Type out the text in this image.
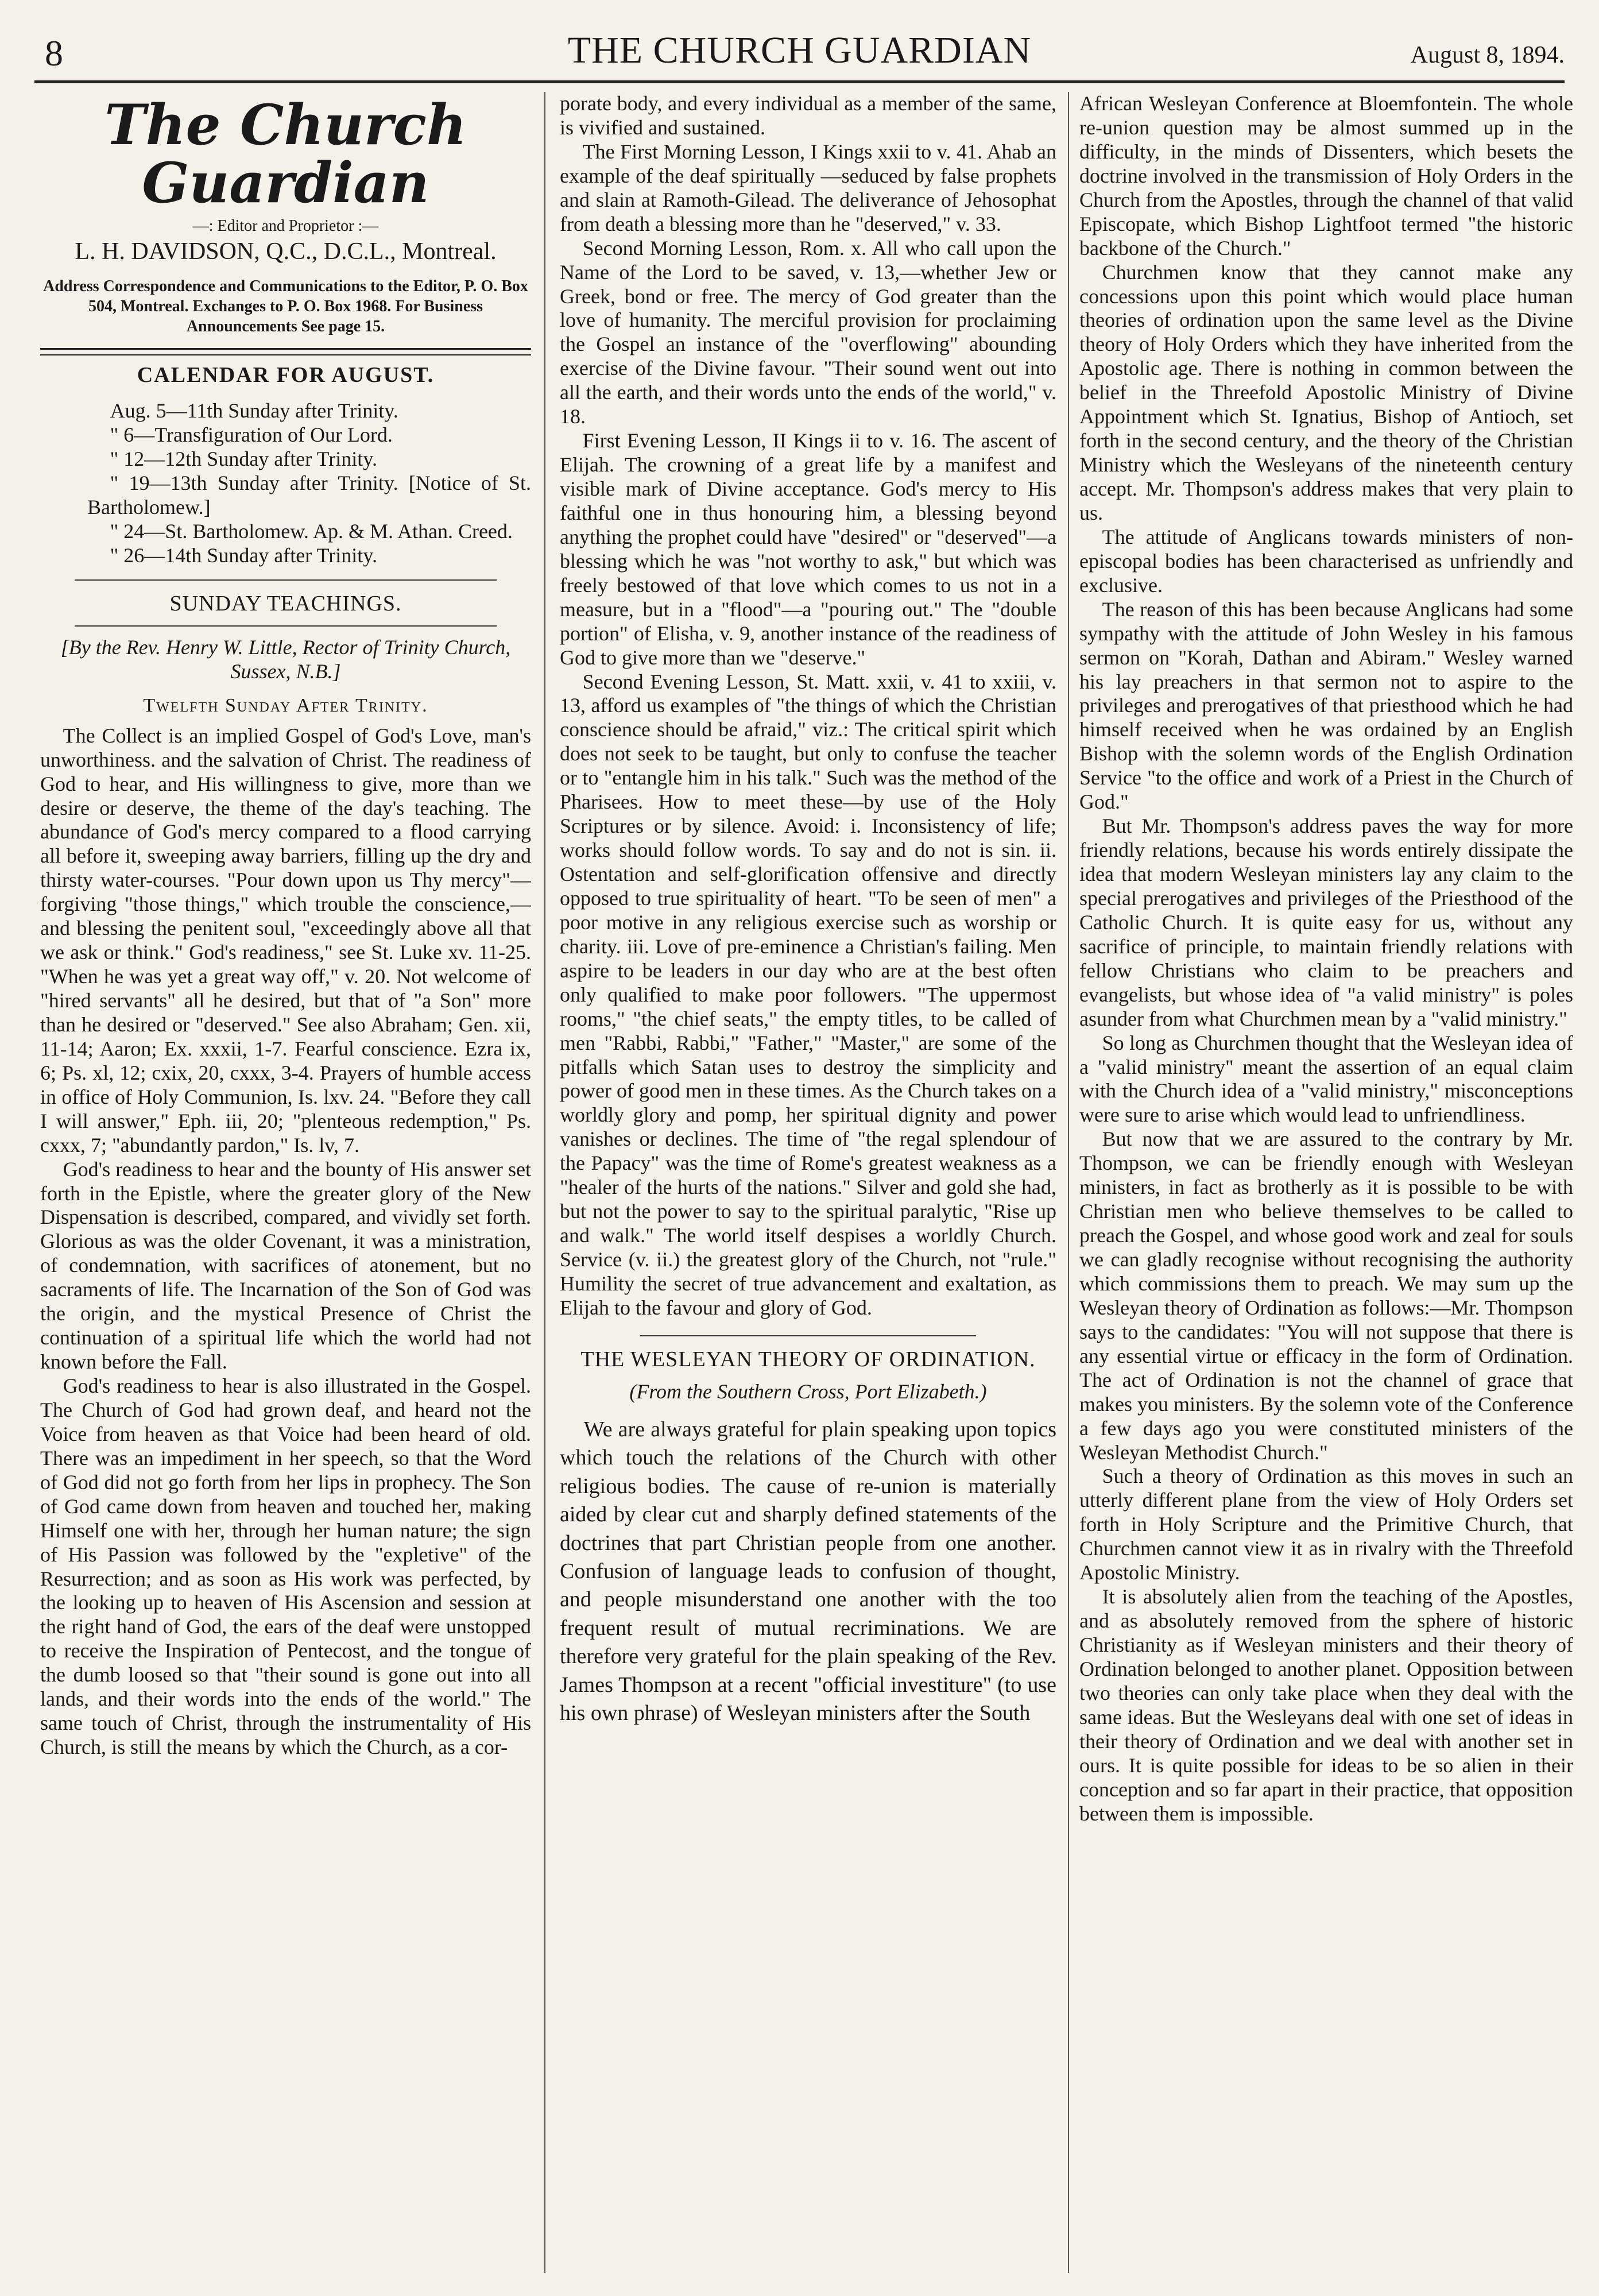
8	THE CHURCH GUARDIAN	August 8, 1894.
The Church Guardian
—: Editor and Proprietor :—
L. H. DAVIDSON, Q.C., D.C.L., Montreal.
Address Correspondence and Communications to the Editor, P. O. Box 504, Montreal. Exchanges to P. O. Box 1968. For Business Announcements See page 15.
CALENDAR FOR AUGUST.

Aug. 5—11th Sunday after Trinity.

" 6—Transfiguration of Our Lord.

" 12—12th Sunday after Trinity.

" 19—13th Sunday after Trinity. [Notice of St. Bartholomew.]

" 24—St. Bartholomew. Ap. & M. Athan. Creed.

" 26—14th Sunday after Trinity.

SUNDAY TEACHINGS.
[By the Rev. Henry W. Little, Rector of Trinity Church, Sussex, N.B.]
Twelfth Sunday After Trinity.

The Collect is an implied Gospel of God's Love, man's unworthiness. and the salvation of Christ. The readiness of God to hear, and His willingness to give, more than we desire or deserve, the theme of the day's teaching. The abundance of God's mercy compared to a flood carrying all before it, sweeping away barriers, filling up the dry and thirsty water-courses. "Pour down upon us Thy mercy"—forgiving "those things," which trouble the conscience,—and blessing the penitent soul, "exceedingly above all that we ask or think." God's readiness," see St. Luke xv. 11-25. "When he was yet a great way off," v. 20. Not welcome of "hired servants" all he desired, but that of "a Son" more than he desired or "deserved." See also Abraham; Gen. xii, 11-14; Aaron; Ex. xxxii, 1-7. Fearful conscience. Ezra ix, 6; Ps. xl, 12; cxix, 20, cxxx, 3-4. Prayers of humble access in office of Holy Communion, Is. lxv. 24. "Before they call I will answer," Eph. iii, 20; "plenteous redemption," Ps. cxxx, 7; "abundantly pardon," Is. lv, 7.

God's readiness to hear and the bounty of His answer set forth in the Epistle, where the greater glory of the New Dispensation is described, compared, and vividly set forth. Glorious as was the older Covenant, it was a ministration, of condemnation, with sacrifices of atonement, but no sacraments of life. The Incarnation of the Son of God was the origin, and the mystical Presence of Christ the continuation of a spiritual life which the world had not known before the Fall.

God's readiness to hear is also illustrated in the Gospel. The Church of God had grown deaf, and heard not the Voice from heaven as that Voice had been heard of old. There was an impediment in her speech, so that the Word of God did not go forth from her lips in prophecy. The Son of God came down from heaven and touched her, making Himself one with her, through her human nature; the sign of His Passion was followed by the "expletive" of the Resurrection; and as soon as His work was perfected, by the looking up to heaven of His Ascension and session at the right hand of God, the ears of the deaf were unstopped to receive the Inspiration of Pentecost, and the tongue of the dumb loosed so that "their sound is gone out into all lands, and their words into the ends of the world." The same touch of Christ, through the instrumentality of His Church, is still the means by which the Church, as a cor-

porate body, and every individual as a member of the same, is vivified and sustained.

The First Morning Lesson, I Kings xxii to v. 41. Ahab an example of the deaf spiritually —seduced by false prophets and slain at Ramoth-Gilead. The deliverance of Jehosophat from death a blessing more than he "deserved," v. 33.

Second Morning Lesson, Rom. x. All who call upon the Name of the Lord to be saved, v. 13,—whether Jew or Greek, bond or free. The mercy of God greater than the love of humanity. The merciful provision for proclaiming the Gospel an instance of the "overflowing" abounding exercise of the Divine favour. "Their sound went out into all the earth, and their words unto the ends of the world," v. 18.

First Evening Lesson, II Kings ii to v. 16. The ascent of Elijah. The crowning of a great life by a manifest and visible mark of Divine acceptance. God's mercy to His faithful one in thus honouring him, a blessing beyond anything the prophet could have "desired" or "deserved"—a blessing which he was "not worthy to ask," but which was freely bestowed of that love which comes to us not in a measure, but in a "flood"—a "pouring out." The "double portion" of Elisha, v. 9, another instance of the readiness of God to give more than we "deserve."

Second Evening Lesson, St. Matt. xxii, v. 41 to xxiii, v. 13, afford us examples of "the things of which the Christian conscience should be afraid," viz.: The critical spirit which does not seek to be taught, but only to confuse the teacher or to "entangle him in his talk." Such was the method of the Pharisees. How to meet these—by use of the Holy Scriptures or by silence. Avoid: i. Inconsistency of life; works should follow words. To say and do not is sin. ii. Ostentation and self-glorification offensive and directly opposed to true spirituality of heart. "To be seen of men" a poor motive in any religious exercise such as worship or charity. iii. Love of pre-eminence a Christian's failing. Men aspire to be leaders in our day who are at the best often only qualified to make poor followers. "The uppermost rooms," "the chief seats," the empty titles, to be called of men "Rabbi, Rabbi," "Father," "Master," are some of the pitfalls which Satan uses to destroy the simplicity and power of good men in these times. As the Church takes on a worldly glory and pomp, her spiritual dignity and power vanishes or declines. The time of "the regal splendour of the Papacy" was the time of Rome's greatest weakness as a "healer of the hurts of the nations." Silver and gold she had, but not the power to say to the spiritual paralytic, "Rise up and walk." The world itself despises a worldly Church. Service (v. ii.) the greatest glory of the Church, not "rule." Humility the secret of true advancement and exaltation, as Elijah to the favour and glory of God.

THE WESLEYAN THEORY OF ORDINATION.
(From the Southern Cross, Port Elizabeth.)

We are always grateful for plain speaking upon topics which touch the relations of the Church with other religious bodies. The cause of re-union is materially aided by clear cut and sharply defined statements of the doctrines that part Christian people from one another. Confusion of language leads to confusion of thought, and people misunderstand one another with the too frequent result of mutual recriminations. We are therefore very grateful for the plain speaking of the Rev. James Thompson at a recent "official investiture" (to use his own phrase) of Wesleyan ministers after the South

African Wesleyan Conference at Bloemfontein. The whole re-union question may be almost summed up in the difficulty, in the minds of Dissenters, which besets the doctrine involved in the transmission of Holy Orders in the Church from the Apostles, through the channel of that valid Episcopate, which Bishop Lightfoot termed "the historic backbone of the Church."

Churchmen know that they cannot make any concessions upon this point which would place human theories of ordination upon the same level as the Divine theory of Holy Orders which they have inherited from the Apostolic age. There is nothing in common between the belief in the Threefold Apostolic Ministry of Divine Appointment which St. Ignatius, Bishop of Antioch, set forth in the second century, and the theory of the Christian Ministry which the Wesleyans of the nineteenth century accept. Mr. Thompson's address makes that very plain to us.

The attitude of Anglicans towards ministers of non-episcopal bodies has been characterised as unfriendly and exclusive.

The reason of this has been because Anglicans had some sympathy with the attitude of John Wesley in his famous sermon on "Korah, Dathan and Abiram." Wesley warned his lay preachers in that sermon not to aspire to the privileges and prerogatives of that priesthood which he had himself received when he was ordained by an English Bishop with the solemn words of the English Ordination Service "to the office and work of a Priest in the Church of God."

But Mr. Thompson's address paves the way for more friendly relations, because his words entirely dissipate the idea that modern Wesleyan ministers lay any claim to the special prerogatives and privileges of the Priesthood of the Catholic Church. It is quite easy for us, without any sacrifice of principle, to maintain friendly relations with fellow Christians who claim to be preachers and evangelists, but whose idea of "a valid ministry" is poles asunder from what Churchmen mean by a "valid ministry."

So long as Churchmen thought that the Wesleyan idea of a "valid ministry" meant the assertion of an equal claim with the Church idea of a "valid ministry," misconceptions were sure to arise which would lead to unfriendliness.

But now that we are assured to the contrary by Mr. Thompson, we can be friendly enough with Wesleyan ministers, in fact as brotherly as it is possible to be with Christian men who believe themselves to be called to preach the Gospel, and whose good work and zeal for souls we can gladly recognise without recognising the authority which commissions them to preach. We may sum up the Wesleyan theory of Ordination as follows:—Mr. Thompson says to the candidates: "You will not suppose that there is any essential virtue or efficacy in the form of Ordination. The act of Ordination is not the channel of grace that makes you ministers. By the solemn vote of the Conference a few days ago you were constituted ministers of the Wesleyan Methodist Church."

Such a theory of Ordination as this moves in such an utterly different plane from the view of Holy Orders set forth in Holy Scripture and the Primitive Church, that Churchmen cannot view it as in rivalry with the Threefold Apostolic Ministry.

It is absolutely alien from the teaching of the Apostles, and as absolutely removed from the sphere of historic Christianity as if Wesleyan ministers and their theory of Ordination belonged to another planet. Opposition between two theories can only take place when they deal with the same ideas. But the Wesleyans deal with one set of ideas in their theory of Ordination and we deal with another set in ours. It is quite possible for ideas to be so alien in their conception and so far apart in their practice, that opposition between them is impossible.
